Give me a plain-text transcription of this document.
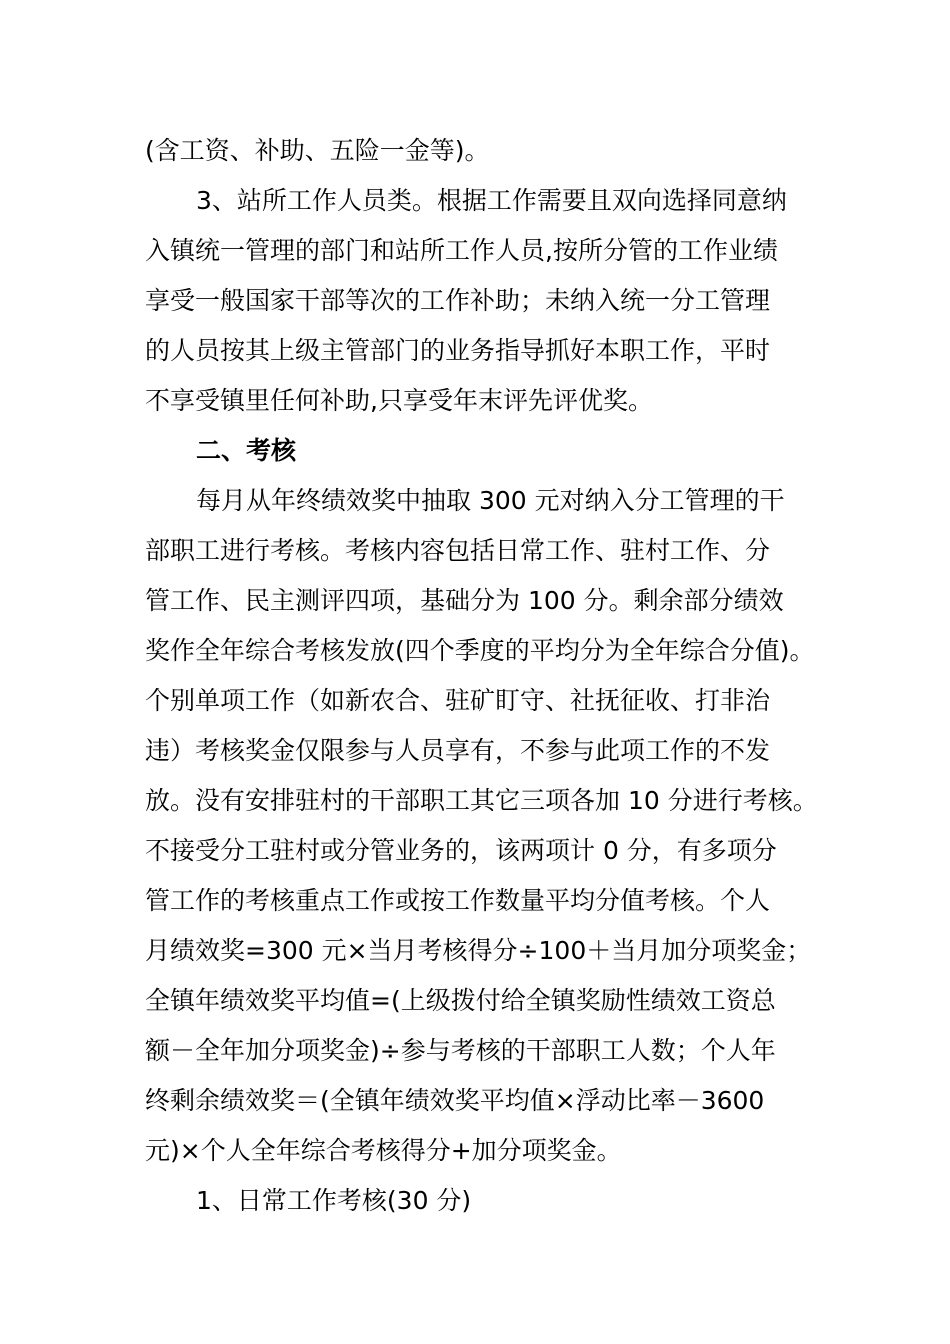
(含工资、补助、五险一金等)。
3、站所工作人员类。根据工作需要且双向选择同意纳
入镇统一管理的部门和站所工作人员,按所分管的工作业绩
享受一般国家干部等次的工作补助；未纳入统一分工管理
的人员按其上级主管部门的业务指导抓好本职工作，平时
不享受镇里任何补助,只享受年末评先评优奖。
二、考核
每月从年终绩效奖中抽取 300 元对纳入分工管理的干
部职工进行考核。考核内容包括日常工作、驻村工作、分
管工作、民主测评四项，基础分为 100 分。剩余部分绩效
奖作全年综合考核发放(四个季度的平均分为全年综合分值)。
个别单项工作（如新农合、驻矿盯守、社抚征收、打非治
违）考核奖金仅限参与人员享有，不参与此项工作的不发
放。没有安排驻村的干部职工其它三项各加 10 分进行考核。
不接受分工驻村或分管业务的，该两项计 0 分，有多项分
管工作的考核重点工作或按工作数量平均分值考核。个人
月绩效奖=300 元×当月考核得分÷100＋当月加分项奖金；
全镇年绩效奖平均值=(上级拨付给全镇奖励性绩效工资总
额－全年加分项奖金)÷参与考核的干部职工人数；个人年
终剩余绩效奖＝(全镇年绩效奖平均值×浮动比率－3600
元)×个人全年综合考核得分+加分项奖金。
1、日常工作考核(30 分)
